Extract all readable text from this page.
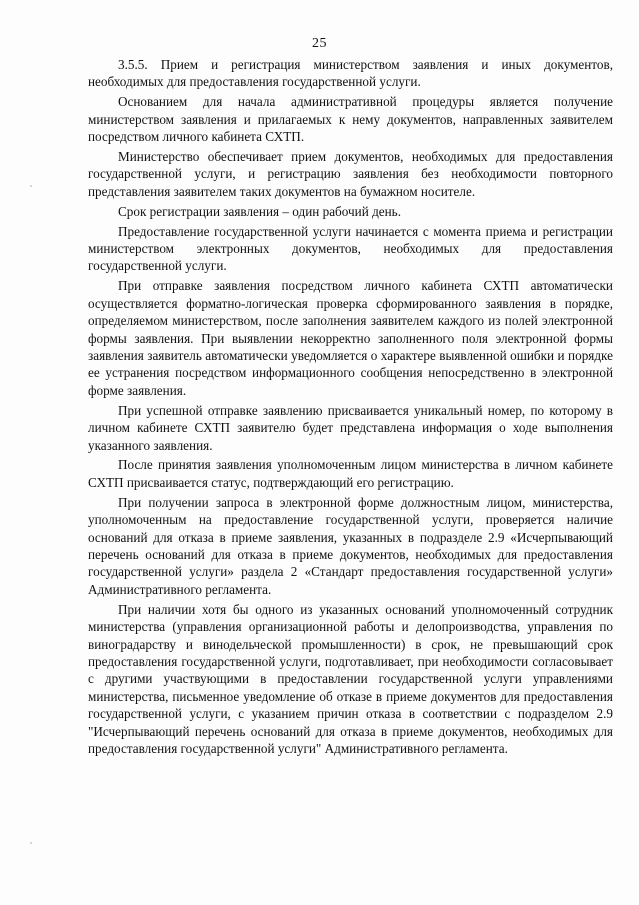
25

3.5.5. Прием и регистрация министерством заявления и иных документов, необходимых для предоставления государственной услуги.

Основанием для начала административной процедуры является получение министерством заявления и прилагаемых к нему документов, направленных заявителем посредством личного кабинета СХТП.

Министерство обеспечивает прием документов, необходимых для предоставления государственной услуги, и регистрацию заявления без необходимости повторного представления заявителем таких документов на бумажном носителе.

Срок регистрации заявления – один рабочий день.

Предоставление государственной услуги начинается с момента приема и регистрации министерством электронных документов, необходимых для предоставления государственной услуги.

При отправке заявления посредством личного кабинета СХТП автоматически осуществляется форматно-логическая проверка сформированного заявления в порядке, определяемом министерством, после заполнения заявителем каждого из полей электронной формы заявления. При выявлении некорректно заполненного поля электронной формы заявления заявитель автоматически уведомляется о характере выявленной ошибки и порядке ее устранения посредством информационного сообщения непосредственно в электронной форме заявления.

При успешной отправке заявлению присваивается уникальный номер, по которому в личном кабинете СХТП заявителю будет представлена информация о ходе выполнения указанного заявления.

После принятия заявления уполномоченным лицом министерства в личном кабинете СХТП присваивается статус, подтверждающий его регистрацию.

При получении запроса в электронной форме должностным лицом, министерства, уполномоченным на предоставление государственной услуги, проверяется наличие оснований для отказа в приеме заявления, указанных в подразделе 2.9 «Исчерпывающий перечень оснований для отказа в приеме документов, необходимых для предоставления государственной услуги» раздела 2 «Стандарт предоставления государственной услуги» Административного регламента.

При наличии хотя бы одного из указанных оснований уполномоченный сотрудник министерства (управления организационной работы и делопроизводства, управления по виноградарству и винодельческой промышленности) в срок, не превышающий срок предоставления государственной услуги, подготавливает, при необходимости согласовывает с другими участвующими в предоставлении государственной услуги управлениями министерства, письменное уведомление об отказе в приеме документов для предоставления государственной услуги, с указанием причин отказа в соответствии с подразделом 2.9 "Исчерпывающий перечень оснований для отказа в приеме документов, необходимых для предоставления государственной услуги" Административного регламента.
